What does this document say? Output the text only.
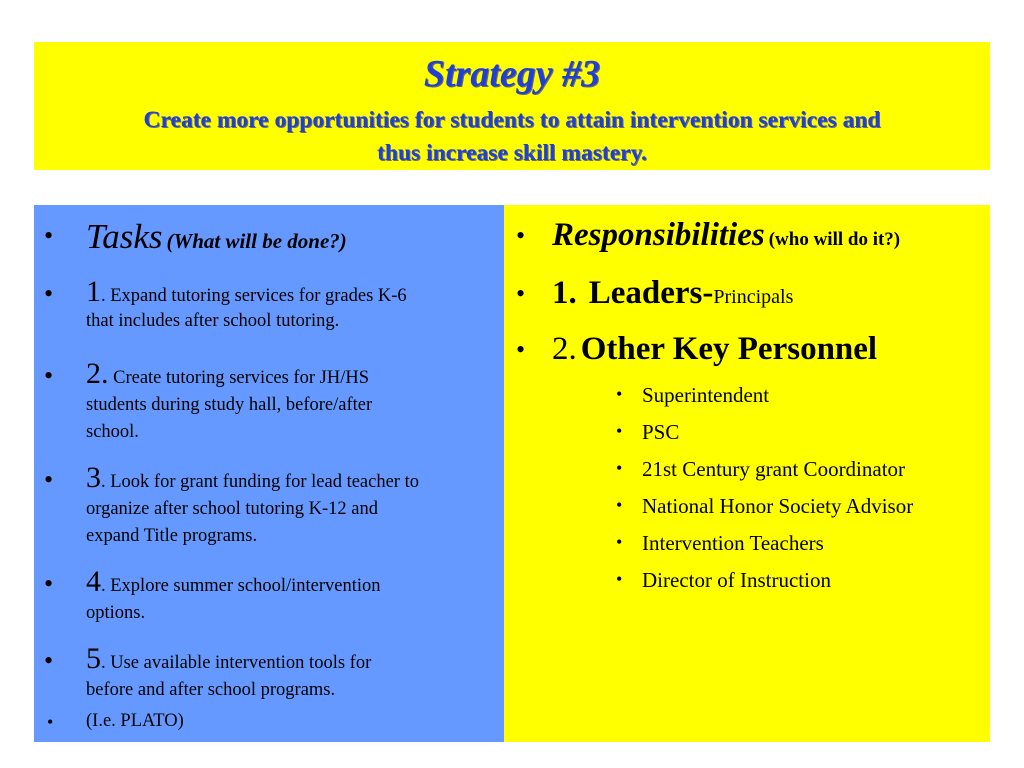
Strategy #3
Create more opportunities for students to attain intervention services and
thus increase skill mastery.
• Tasks (What will be done?)
• 1. Expand tutoring services for grades K-6
that includes after school tutoring.
• 2. Create tutoring services for JH/HS
students during study hall, before/after
school.
• 3. Look for grant funding for lead teacher to
organize after school tutoring K-12 and
expand Title programs.
• 4. Explore summer school/intervention
options.
• 5. Use available intervention tools for
before and after school programs.
• (I.e. PLATO)
• Responsibilities (who will do it?)
• 1. Leaders-Principals
• 2. Other Key Personnel
• Superintendent
• PSC
• 21st Century grant Coordinator
• National Honor Society Advisor
• Intervention Teachers
• Director of Instruction
